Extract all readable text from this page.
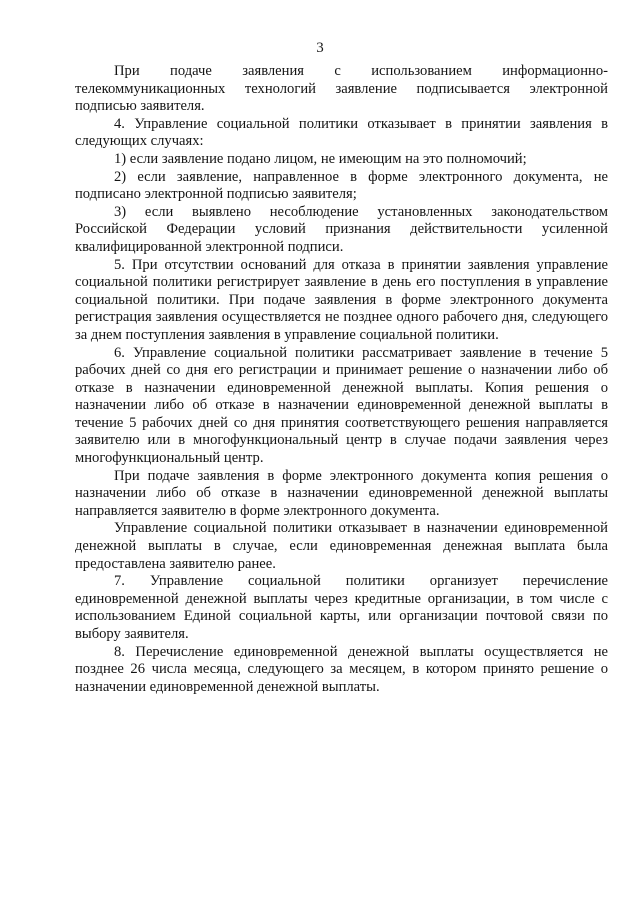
3

При подаче заявления с использованием информационно-телекоммуникационных технологий заявление подписывается электронной подписью заявителя.

4. Управление социальной политики отказывает в принятии заявления в следующих случаях:

1) если заявление подано лицом, не имеющим на это полномочий;

2) если заявление, направленное в форме электронного документа, не подписано электронной подписью заявителя;

3) если выявлено несоблюдение установленных законодательством Российской Федерации условий признания действительности усиленной квалифицированной электронной подписи.

5. При отсутствии оснований для отказа в принятии заявления управление социальной политики регистрирует заявление в день его поступления в управление социальной политики. При подаче заявления в форме электронного документа регистрация заявления осуществляется не позднее одного рабочего дня, следующего за днем поступления заявления в управление социальной политики.

6. Управление социальной политики рассматривает заявление в течение 5 рабочих дней со дня его регистрации и принимает решение о назначении либо об отказе в назначении единовременной денежной выплаты. Копия решения о назначении либо об отказе в назначении единовременной денежной выплаты в течение 5 рабочих дней со дня принятия соответствующего решения направляется заявителю или в многофункциональный центр в случае подачи заявления через многофункциональный центр.

При подаче заявления в форме электронного документа копия решения о назначении либо об отказе в назначении единовременной денежной выплаты направляется заявителю в форме электронного документа.

Управление социальной политики отказывает в назначении единовременной денежной выплаты в случае, если единовременная денежная выплата была предоставлена заявителю ранее.

7. Управление социальной политики организует перечисление единовременной денежной выплаты через кредитные организации, в том числе с использованием Единой социальной карты, или организации почтовой связи по выбору заявителя.

8. Перечисление единовременной денежной выплаты осуществляется не позднее 26 числа месяца, следующего за месяцем, в котором принято решение о назначении единовременной денежной выплаты.
